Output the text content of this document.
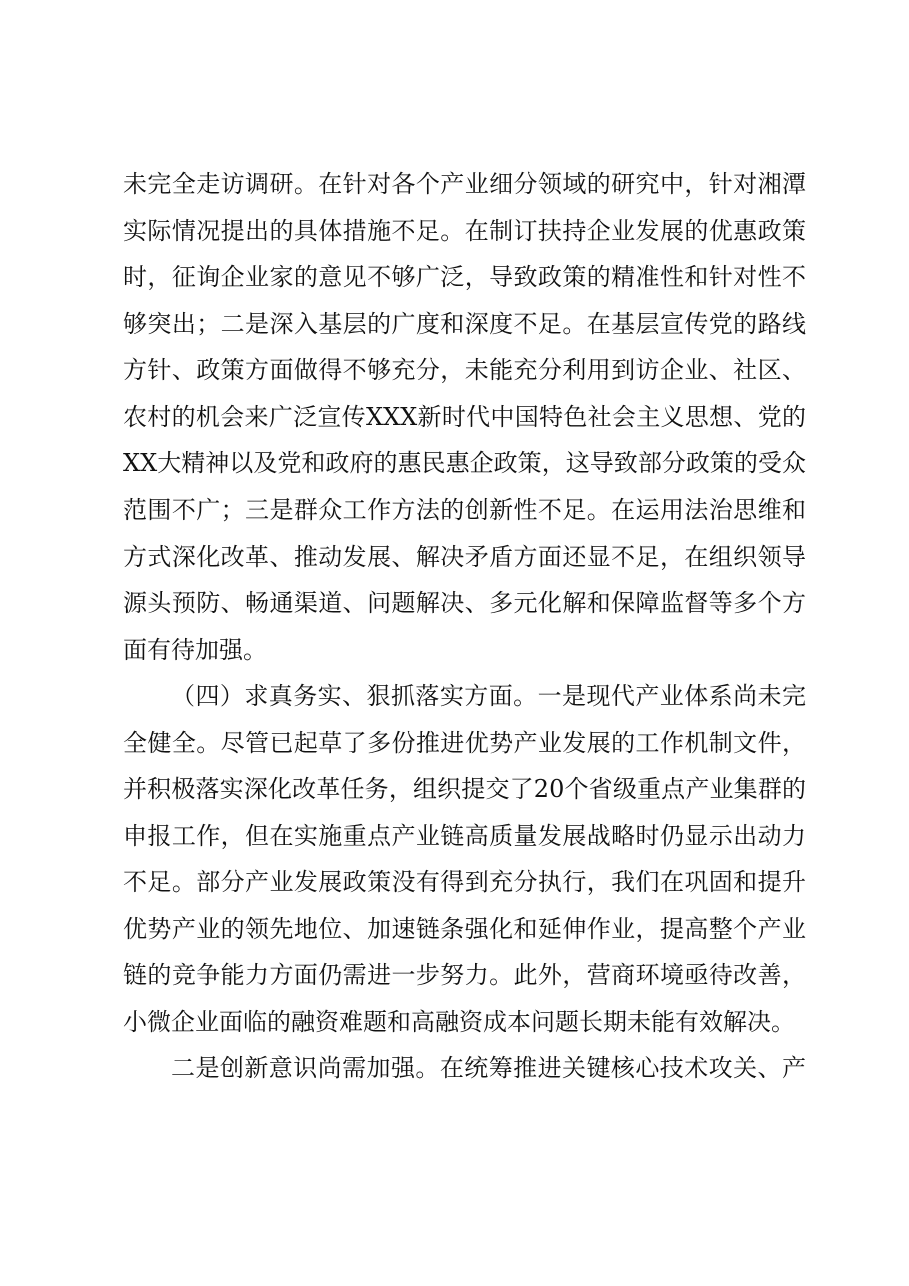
未完全走访调研。在针对各个产业细分领域的研究中，针对湘潭
实际情况提出的具体措施不足。在制订扶持企业发展的优惠政策
时，征询企业家的意见不够广泛，导致政策的精准性和针对性不
够突出；二是深入基层的广度和深度不足。在基层宣传党的路线
方针、政策方面做得不够充分，未能充分利用到访企业、社区、
农村的机会来广泛宣传XXX新时代中国特色社会主义思想、党的
XX大精神以及党和政府的惠民惠企政策，这导致部分政策的受众
范围不广；三是群众工作方法的创新性不足。在运用法治思维和
方式深化改革、推动发展、解决矛盾方面还显不足，在组织领导
源头预防、畅通渠道、问题解决、多元化解和保障监督等多个方
面有待加强。
（四）求真务实、狠抓落实方面。一是现代产业体系尚未完
全健全。尽管已起草了多份推进优势产业发展的工作机制文件，
并积极落实深化改革任务，组织提交了20个省级重点产业集群的
申报工作，但在实施重点产业链高质量发展战略时仍显示出动力
不足。部分产业发展政策没有得到充分执行，我们在巩固和提升
优势产业的领先地位、加速链条强化和延伸作业，提高整个产业
链的竞争能力方面仍需进一步努力。此外，营商环境亟待改善，
小微企业面临的融资难题和高融资成本问题长期未能有效解决。
二是创新意识尚需加强。在统筹推进关键核心技术攻关、产
